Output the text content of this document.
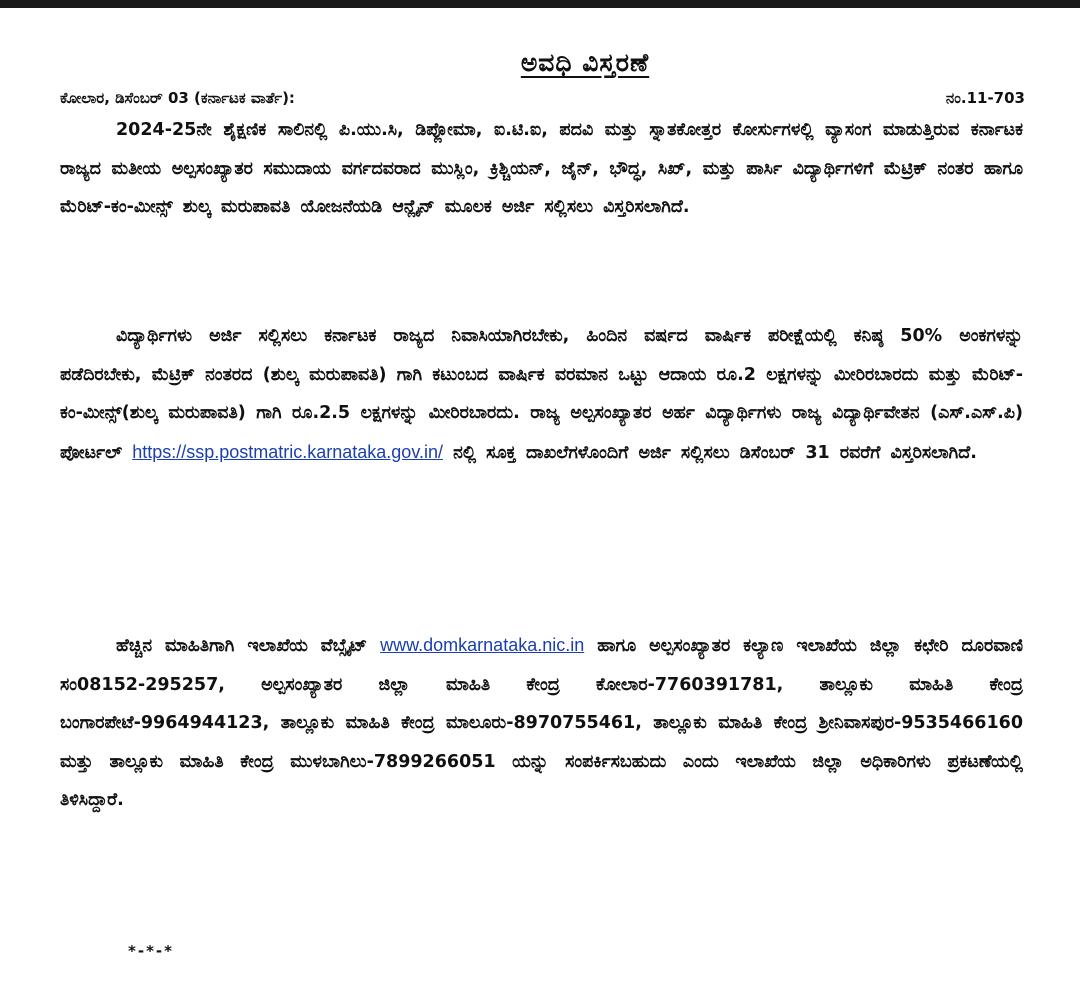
ಅವಧಿ ವಿಸ್ತರಣೆ
ಕೋಲಾರ, ಡಿಸೆಂಬರ್ 03 (ಕರ್ನಾಟಕ ವಾರ್ತೆ):	ನಂ.11-703

2024-25ನೇ ಶೈಕ್ಷಣಿಕ ಸಾಲಿನಲ್ಲಿ ಪಿ.ಯು.ಸಿ, ಡಿಪ್ಲೋಮಾ, ಐ.ಟಿ.ಐ, ಪದವಿ ಮತ್ತು ಸ್ನಾತಕೋತ್ತರ ಕೋರ್ಸುಗಳಲ್ಲಿ ವ್ಯಾಸಂಗ ಮಾಡುತ್ತಿರುವ ಕರ್ನಾಟಕ ರಾಜ್ಯದ ಮತೀಯ ಅಲ್ಪಸಂಖ್ಯಾತರ ಸಮುದಾಯ ವರ್ಗದವರಾದ ಮುಸ್ಲಿಂ, ಕ್ರಿಶ್ಚಿಯನ್, ಜೈನ್, ಭೌದ್ಧ, ಸಿಖ್, ಮತ್ತು ಪಾರ್ಸಿ ವಿದ್ಯಾರ್ಥಿಗಳಿಗೆ ಮೆಟ್ರಿಕ್ ನಂತರ ಹಾಗೂ ಮೆರಿಟ್-ಕಂ-ಮೀನ್ಸ್ ಶುಲ್ಕ ಮರುಪಾವತಿ ಯೋಜನೆಯಡಿ ಆನ್ಲೈನ್ ಮೂಲಕ ಅರ್ಜಿ ಸಲ್ಲಿಸಲು ವಿಸ್ತರಿಸಲಾಗಿದೆ.

ವಿದ್ಯಾರ್ಥಿಗಳು ಅರ್ಜಿ ಸಲ್ಲಿಸಲು ಕರ್ನಾಟಕ ರಾಜ್ಯದ ನಿವಾಸಿಯಾಗಿರಬೇಕು, ಹಿಂದಿನ ವರ್ಷದ ವಾರ್ಷಿಕ ಪರೀಕ್ಷೆಯಲ್ಲಿ ಕನಿಷ್ಠ 50% ಅಂಕಗಳನ್ನು ಪಡೆದಿರಬೇಕು, ಮೆಟ್ರಿಕ್ ನಂತರದ (ಶುಲ್ಕ ಮರುಪಾವತಿ) ಗಾಗಿ ಕಟುಂಬದ ವಾರ್ಷಿಕ ವರಮಾನ ಒಟ್ಟು ಆದಾಯ ರೂ.2 ಲಕ್ಷಗಳನ್ನು ಮೀರಿರಬಾರದು ಮತ್ತು ಮೆರಿಟ್-ಕಂ-ಮೀನ್ಸ್(ಶುಲ್ಕ ಮರುಪಾವತಿ) ಗಾಗಿ ರೂ.2.5 ಲಕ್ಷಗಳನ್ನು ಮೀರಿರಬಾರದು. ರಾಜ್ಯ ಅಲ್ಪಸಂಖ್ಯಾತರ ಅರ್ಹ ವಿದ್ಯಾರ್ಥಿಗಳು ರಾಜ್ಯ ವಿದ್ಯಾರ್ಥಿವೇತನ (ಎಸ್.ಎಸ್.ಪಿ) ಪೋರ್ಟಲ್ https://ssp.postmatric.karnataka.gov.in/ ನಲ್ಲಿ ಸೂಕ್ತ ದಾಖಲೆಗಳೊಂದಿಗೆ ಅರ್ಜಿ ಸಲ್ಲಿಸಲು ಡಿಸೆಂಬರ್ 31 ರವರೆಗೆ ವಿಸ್ತರಿಸಲಾಗಿದೆ.

ಹೆಚ್ಚಿನ ಮಾಹಿತಿಗಾಗಿ ಇಲಾಖೆಯ ವೆಬ್ಸೈಟ್ www.domkarnataka.nic.in ಹಾಗೂ ಅಲ್ಪಸಂಖ್ಯಾತರ ಕಲ್ಯಾಣ ಇಲಾಖೆಯ ಜಿಲ್ಲಾ ಕಛೇರಿ ದೂರವಾಣಿ ಸಂ08152-295257, ಅಲ್ಪಸಂಖ್ಯಾತರ ಜಿಲ್ಲಾ ಮಾಹಿತಿ ಕೇಂದ್ರ ಕೋಲಾರ-7760391781, ತಾಲ್ಲೂಕು ಮಾಹಿತಿ ಕೇಂದ್ರ ಬಂಗಾರಪೇಟೆ-9964944123, ತಾಲ್ಲೂಕು ಮಾಹಿತಿ ಕೇಂದ್ರ ಮಾಲೂರು-8970755461, ತಾಲ್ಲೂಕು ಮಾಹಿತಿ ಕೇಂದ್ರ ಶ್ರೀನಿವಾಸಪುರ-9535466160 ಮತ್ತು ತಾಲ್ಲೂಕು ಮಾಹಿತಿ ಕೇಂದ್ರ ಮುಳಬಾಗಿಲು-7899266051 ಯನ್ನು ಸಂಪರ್ಕಿಸಬಹುದು ಎಂದು ಇಲಾಖೆಯ ಜಿಲ್ಲಾ ಅಧಿಕಾರಿಗಳು ಪ್ರಕಟಣೆಯಲ್ಲಿ ತಿಳಿಸಿದ್ದಾರೆ.

*-*-*
